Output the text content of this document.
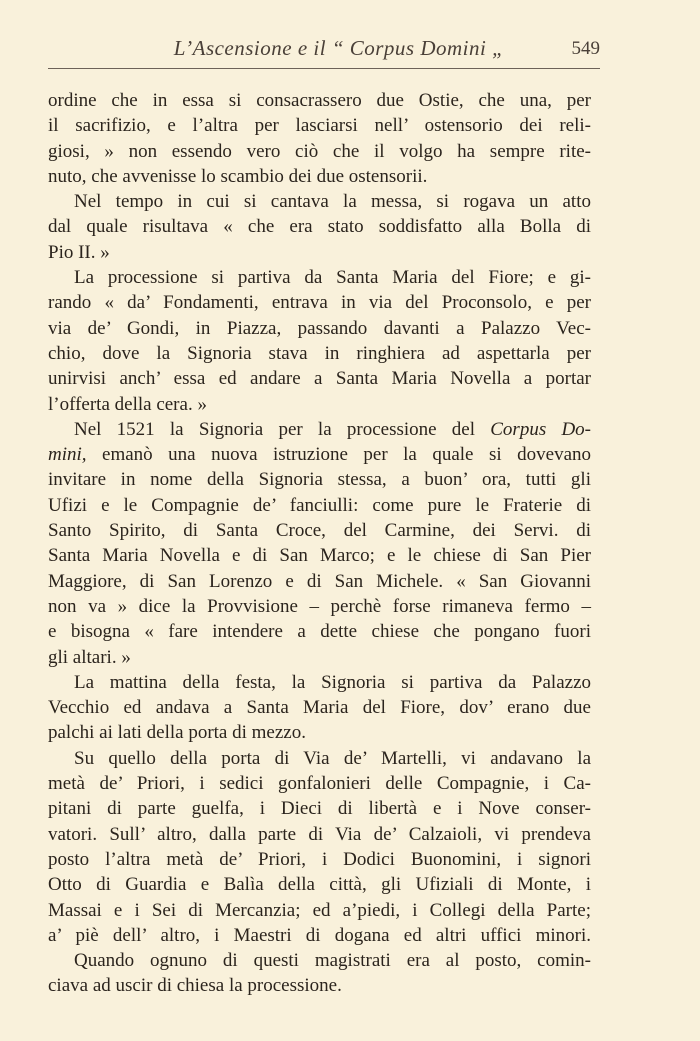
L’Ascensione e il “ Corpus Domini „	549
ordine che in essa si consacrassero due Ostie, che una, per
il sacrifizio, e l’altra per lasciarsi nell’ ostensorio dei reli-
giosi, » non essendo vero ciò che il volgo ha sempre rite-
nuto, che avvenisse lo scambio dei due ostensorii.
Nel tempo in cui si cantava la messa, si rogava un atto
dal quale risultava « che era stato soddisfatto alla Bolla di
Pio II. »
La processione si partiva da Santa Maria del Fiore; e gi-
rando « da’ Fondamenti, entrava in via del Proconsolo, e per
via de’ Gondi, in Piazza, passando davanti a Palazzo Vec-
chio, dove la Signoria stava in ringhiera ad aspettarla per
unirvisi anch’ essa ed andare a Santa Maria Novella a portar
l’offerta della cera. »
Nel 1521 la Signoria per la processione del Corpus Do-
mini, emanò una nuova istruzione per la quale si dovevano
invitare in nome della Signoria stessa, a buon’ ora, tutti gli
Ufizi e le Compagnie de’ fanciulli: come pure le Fraterie di
Santo Spirito, di Santa Croce, del Carmine, dei Servi. di
Santa Maria Novella e di San Marco; e le chiese di San Pier
Maggiore, di San Lorenzo e di San Michele. « San Giovanni
non va » dice la Provvisione – perchè forse rimaneva fermo –
e bisogna « fare intendere a dette chiese che pongano fuori
gli altari. »
La mattina della festa, la Signoria si partiva da Palazzo
Vecchio ed andava a Santa Maria del Fiore, dov’ erano due
palchi ai lati della porta di mezzo.
Su quello della porta di Via de’ Martelli, vi andavano la
metà de’ Priori, i sedici gonfalonieri delle Compagnie, i Ca-
pitani di parte guelfa, i Dieci di libertà e i Nove conser-
vatori. Sull’ altro, dalla parte di Via de’ Calzaioli, vi prendeva
posto l’altra metà de’ Priori, i Dodici Buonomini, i signori
Otto di Guardia e Balìa della città, gli Ufiziali di Monte, i
Massai e i Sei di Mercanzia; ed a’piedi, i Collegi della Parte;
a’ piè dell’ altro, i Maestri di dogana ed altri uffici minori.
Quando ognuno di questi magistrati era al posto, comin-
ciava ad uscir di chiesa la processione.
